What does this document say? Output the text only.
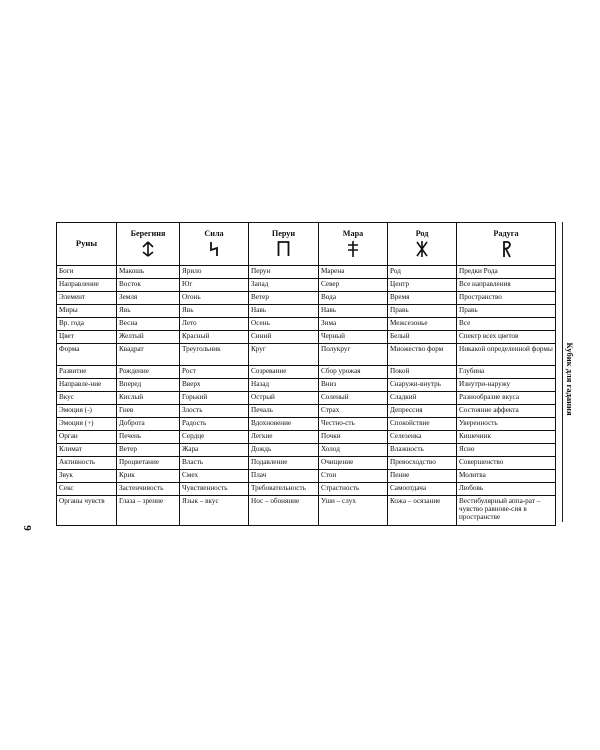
Руны	Берегиня	Сила	Перун	Мара	Род	Радуга

Боги	Макошь	Ярило	Перун	Марена	Род	Предки Рода
Направление	Восток	Юг	Запад	Север	Центр	Все направления
Элемент	Земля	Огонь	Ветер	Вода	Время	Пространство
Миры	Явь	Явь	Навь	Навь	Правь	Правь
Вр. года	Весна	Лето	Осень	Зима	Межсезонье	Все
Цвет	Желтый	Красный	Синий	Черный	Белый	Спектр всех цветов
Форма	Квадрат	Треугольник	Круг	Полукруг	Множество форм	Никакой определенной формы
Развитие	Рождение	Рост	Созревание	Сбор урожая	Покой	Глубина
Направле-ние	Вперед	Вверх	Назад	Вниз	Снаружи-внутрь	Изнутри-наружу
Вкус	Кислый	Горький	Острый	Соленый	Сладкий	Разнообразие вкуса
Эмоция (-)	Гнев	Злость	Печаль	Страх	Депрессия	Состояние аффекта
Эмоция (+)	Доброта	Радость	Вдохновение	Честно-сть	Спокойствие	Уверенность
Орган	Печень	Сердце	Легкие	Почки	Селезенка	Кишечник
Климат	Ветер	Жара	Дождь	Холод	Влажность	Ясно
Активность	Процветание	Власть	Подавление	Очищение	Превосходство	Совершенство
Звук	Крик	Смех	Плач	Стон	Пение	Молитва
Секс	Застенчивость	Чувственность	Требовательность	Страстность	Самоотдача	Любовь
Органы чувств	Глаза – зрение	Язык – вкус	Нос – обоняние	Уши – слух	Кожа – осязание	Вестибулярный аппа-рат – чувство равнове-сия в пространстве
Кубик для гадания
9
